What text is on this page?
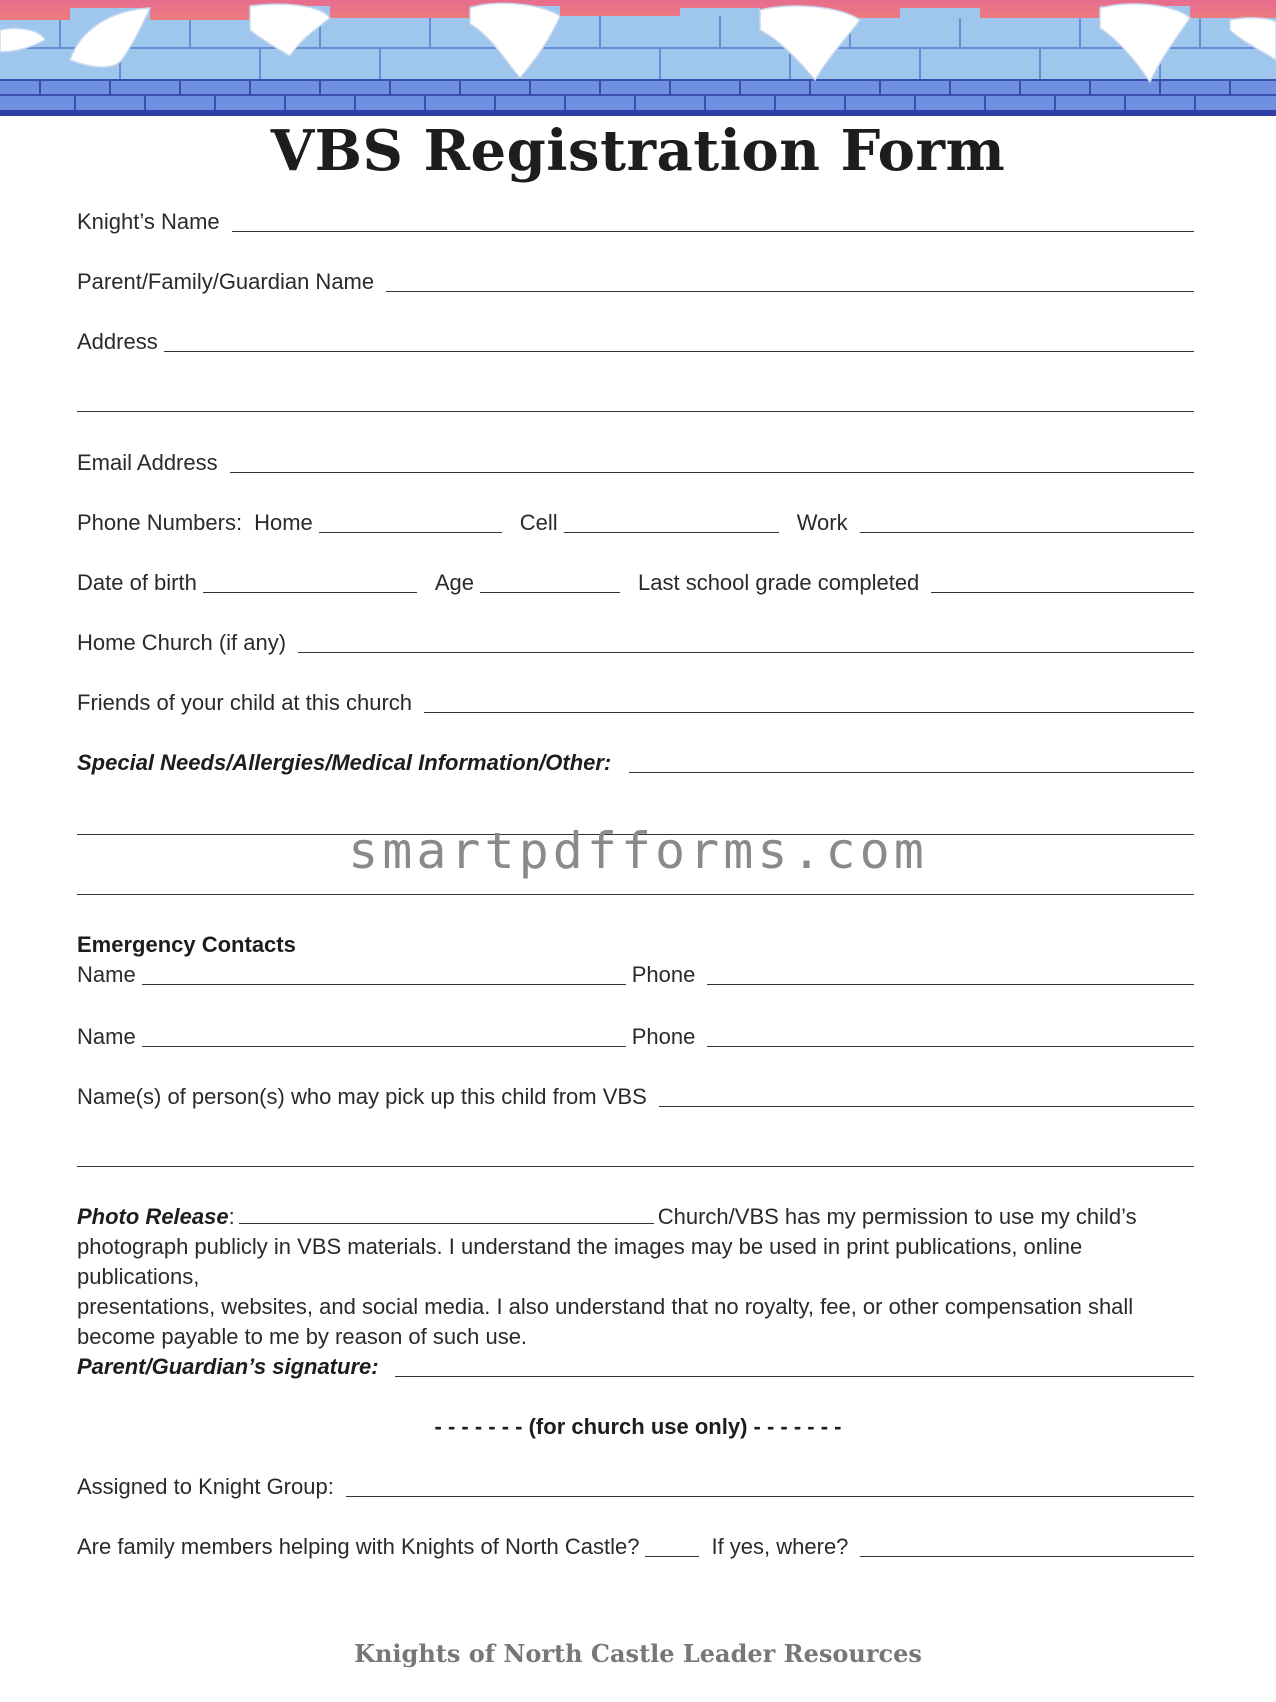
VBS Registration Form
Knight’s Name
Parent/Family/Guardian Name
Address
Email Address
Phone Numbers: Home	Cell	Work
Date of birth	Age	Last school grade completed
Home Church (if any)
Friends of your child at this church
Special Needs/Allergies/Medical Information/Other:
smartpdfforms.com
Emergency Contacts
Name	Phone
Name	Phone
Name(s) of person(s) who may pick up this child from VBS
Photo Release:	Church/VBS has my permission to use my child’s
photograph publicly in VBS materials. I understand the images may be used in print publications, online publications,
presentations, websites, and social media. I also understand that no royalty, fee, or other compensation shall
become payable to me by reason of such use.
Parent/Guardian’s signature:
- - - - - - - (for church use only) - - - - - - -
Assigned to Knight Group:
Are family members helping with Knights of North Castle?	If yes, where?
Knights of North Castle Leader Resources
